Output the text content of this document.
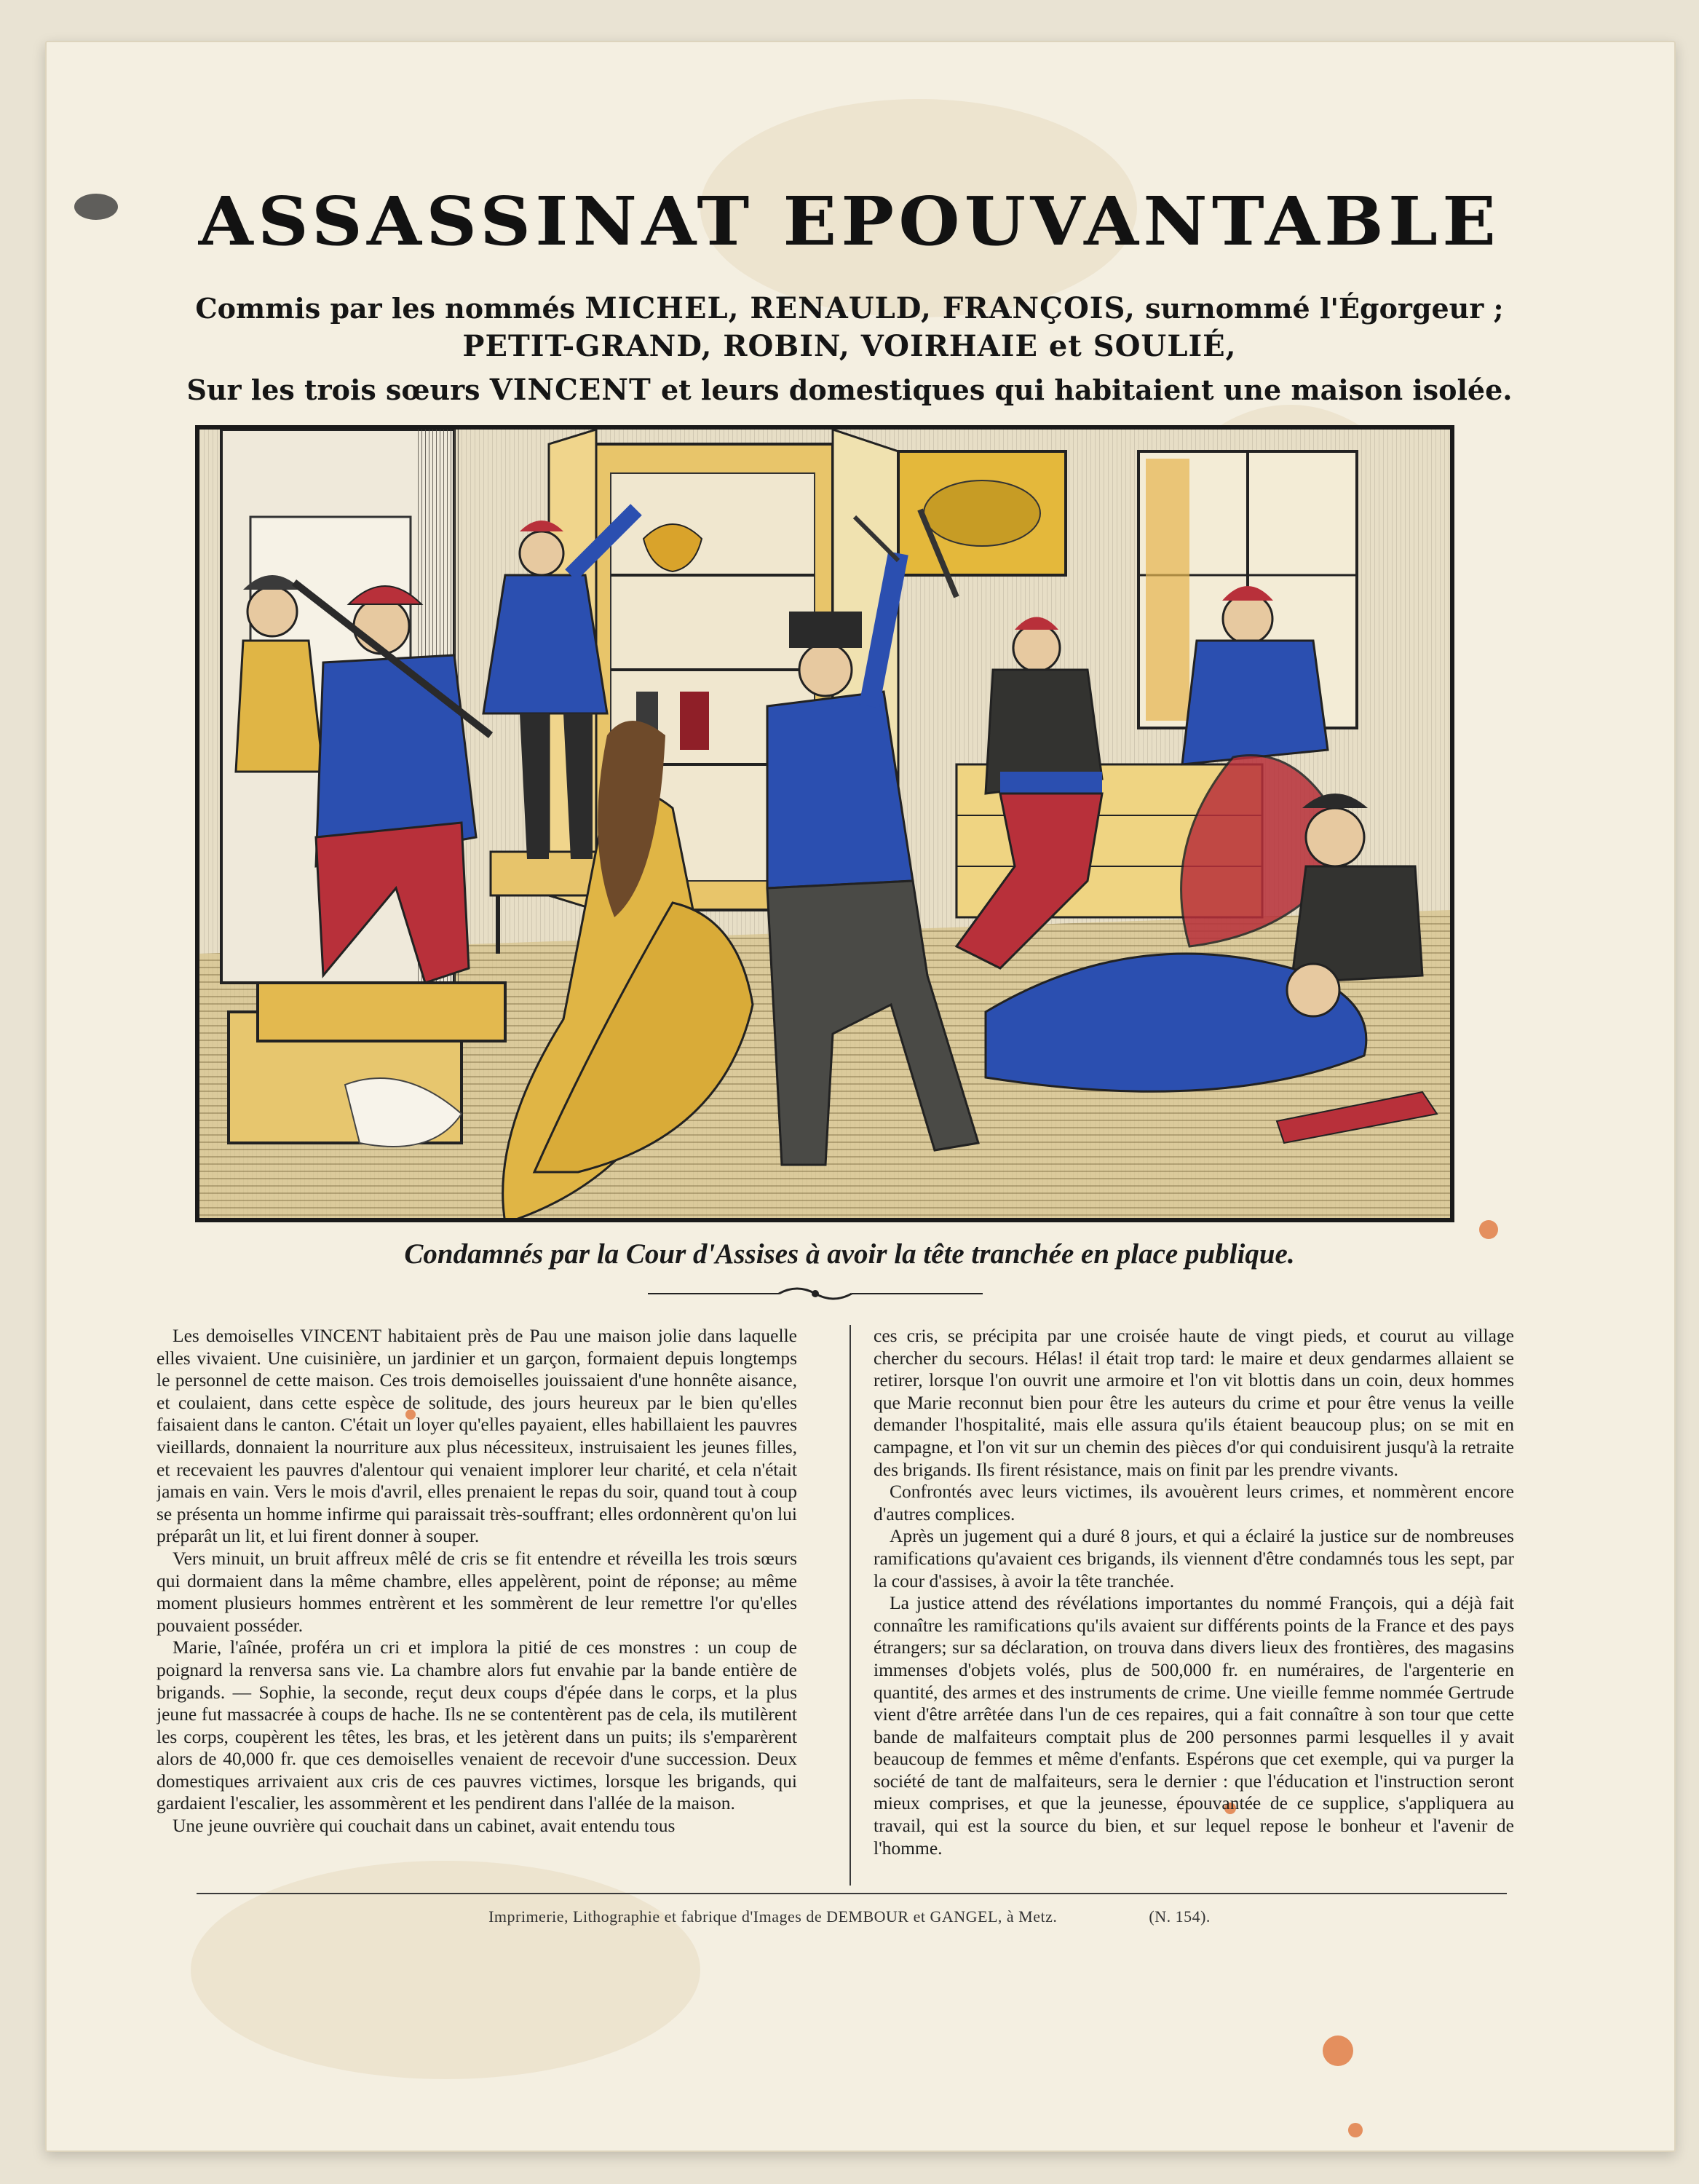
ASSASSINAT EPOUVANTABLE
Commis par les nommés MICHEL, RENAULD, FRANÇOIS, surnommé l'Égorgeur ;
PETIT-GRAND, ROBIN, VOIRHAIE et SOULIÉ,
Sur les trois sœurs VINCENT et leurs domestiques qui habitaient une maison isolée.
Condamnés par la Cour d'Assises à avoir la tête tranchée en place publique.

Les demoiselles VINCENT habitaient près de Pau une maison jolie dans laquelle elles vivaient. Une cuisinière, un jardinier et un garçon, formaient depuis longtemps le personnel de cette maison. Ces trois demoiselles jouissaient d'une honnête aisance, et coulaient, dans cette espèce de solitude, des jours heureux par le bien qu'elles faisaient dans le canton. C'était un loyer qu'elles payaient, elles habillaient les pauvres vieillards, donnaient la nourriture aux plus nécessiteux, instruisaient les jeunes filles, et recevaient les pauvres d'alentour qui venaient implorer leur charité, et cela n'était jamais en vain. Vers le mois d'avril, elles prenaient le repas du soir, quand tout à coup se présenta un homme infirme qui paraissait très-souffrant; elles ordonnèrent qu'on lui préparât un lit, et lui firent donner à souper.

Vers minuit, un bruit affreux mêlé de cris se fit entendre et réveilla les trois sœurs qui dormaient dans la même chambre, elles appelèrent, point de réponse; au même moment plusieurs hommes entrèrent et les sommèrent de leur remettre l'or qu'elles pouvaient posséder.

Marie, l'aînée, proféra un cri et implora la pitié de ces monstres : un coup de poignard la renversa sans vie. La chambre alors fut envahie par la bande entière de brigands. — Sophie, la seconde, reçut deux coups d'épée dans le corps, et la plus jeune fut massacrée à coups de hache. Ils ne se contentèrent pas de cela, ils mutilèrent les corps, coupèrent les têtes, les bras, et les jetèrent dans un puits; ils s'emparèrent alors de 40,000 fr. que ces demoiselles venaient de recevoir d'une succession. Deux domestiques arrivaient aux cris de ces pauvres victimes, lorsque les brigands, qui gardaient l'escalier, les assommèrent et les pendirent dans l'allée de la maison.

Une jeune ouvrière qui couchait dans un cabinet, avait entendu tous

ces cris, se précipita par une croisée haute de vingt pieds, et courut au village chercher du secours. Hélas! il était trop tard: le maire et deux gendarmes allaient se retirer, lorsque l'on ouvrit une armoire et l'on vit blottis dans un coin, deux hommes que Marie reconnut bien pour être les auteurs du crime et pour être venus la veille demander l'hospitalité, mais elle assura qu'ils étaient beaucoup plus; on se mit en campagne, et l'on vit sur un chemin des pièces d'or qui conduisirent jusqu'à la retraite des brigands. Ils firent résistance, mais on finit par les prendre vivants.

Confrontés avec leurs victimes, ils avouèrent leurs crimes, et nommèrent encore d'autres complices.

Après un jugement qui a duré 8 jours, et qui a éclairé la justice sur de nombreuses ramifications qu'avaient ces brigands, ils viennent d'être condamnés tous les sept, par la cour d'assises, à avoir la tête tranchée.

La justice attend des révélations importantes du nommé François, qui a déjà fait connaître les ramifications qu'ils avaient sur différents points de la France et des pays étrangers; sur sa déclaration, on trouva dans divers lieux des frontières, des magasins immenses d'objets volés, plus de 500,000 fr. en numéraires, de l'argenterie en quantité, des armes et des instruments de crime. Une vieille femme nommée Gertrude vient d'être arrêtée dans l'un de ces repaires, qui a fait connaître à son tour que cette bande de malfaiteurs comptait plus de 200 personnes parmi lesquelles il y avait beaucoup de femmes et même d'enfants. Espérons que cet exemple, qui va purger la société de tant de malfaiteurs, sera le dernier : que l'éducation et l'instruction seront mieux comprises, et que la jeunesse, épouvantée de ce supplice, s'appliquera au travail, qui est la source du bien, et sur lequel repose le bonheur et l'avenir de l'homme.

Imprimerie, Lithographie et fabrique d'Images de DEMBOUR et GANGEL, à Metz.	(N. 154).
